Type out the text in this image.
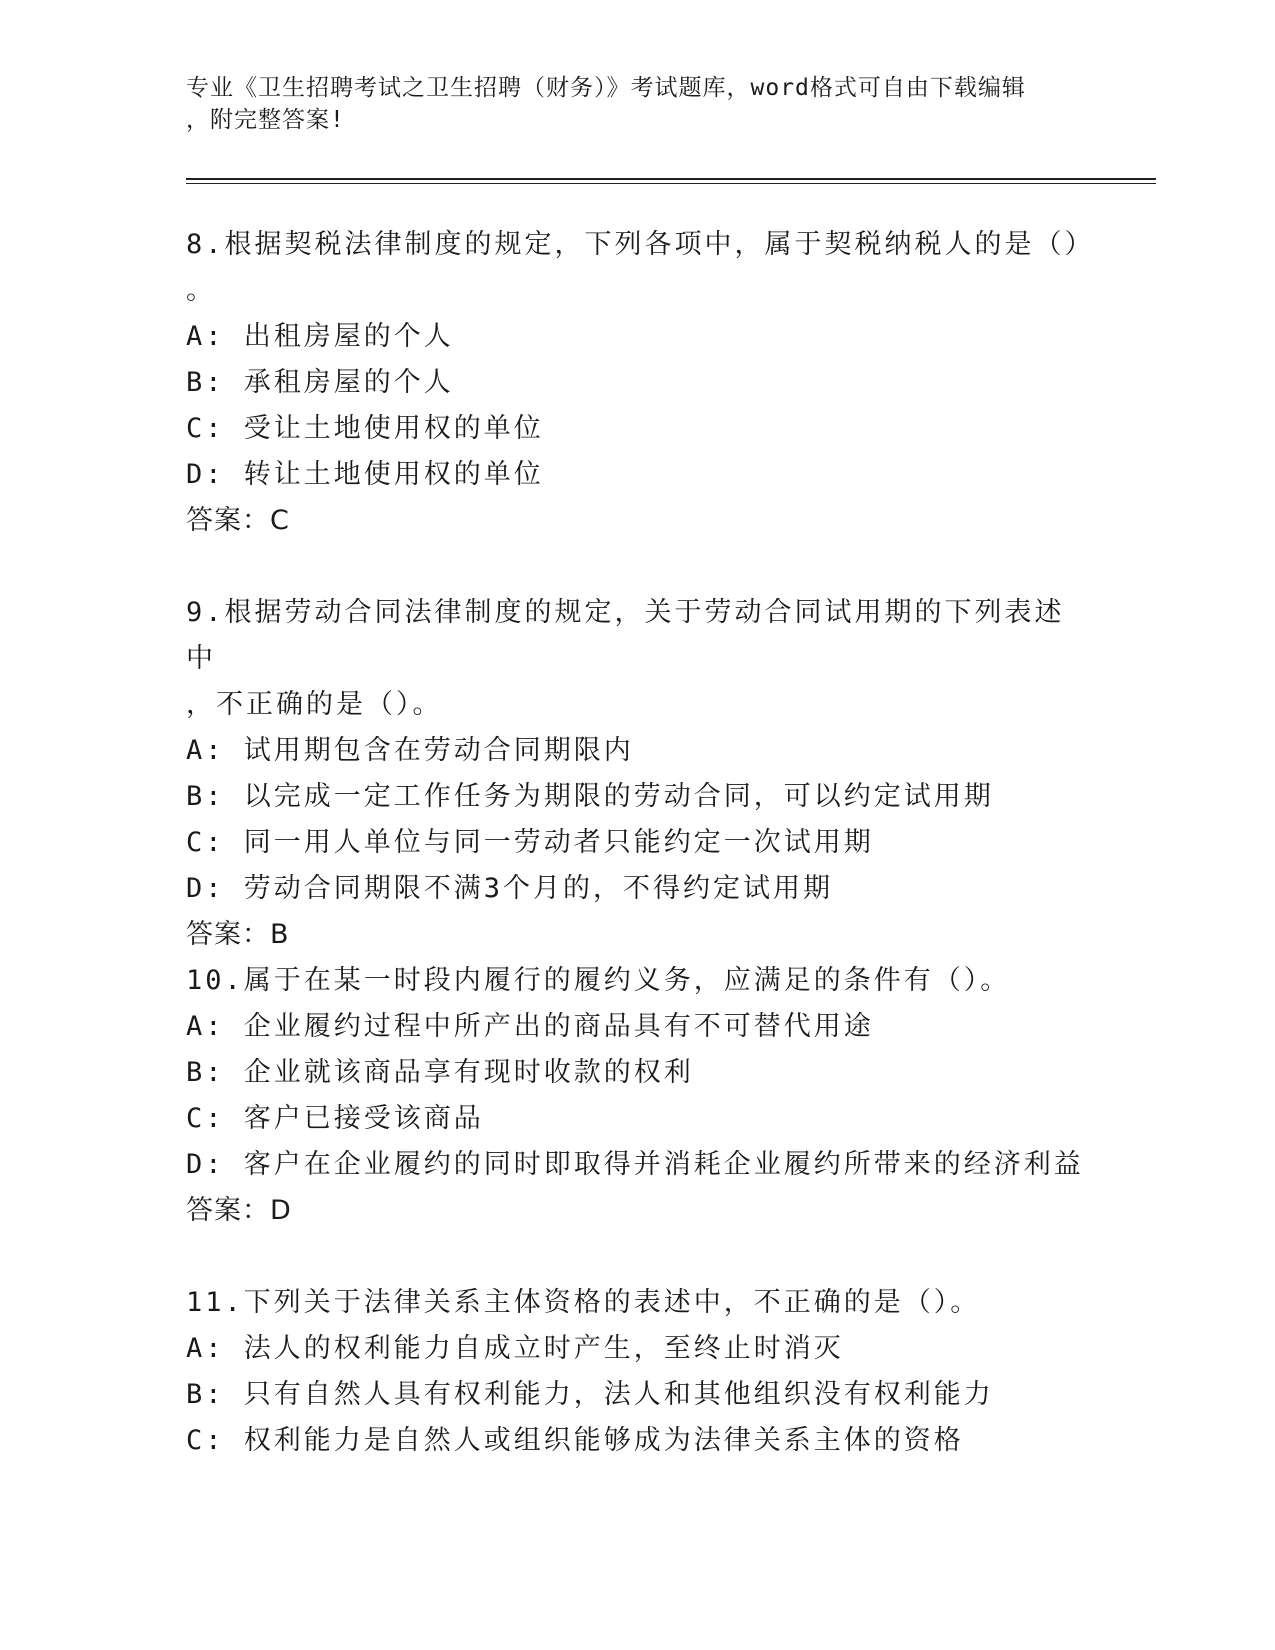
专业《卫生招聘考试之卫生招聘（财务）》考试题库，word格式可自由下载编辑
，附完整答案!

8.根据契税法律制度的规定，下列各项中，属于契税纳税人的是（）

。

A: 出租房屋的个人

B: 承租房屋的个人

C: 受让土地使用权的单位

D: 转让土地使用权的单位

答案：C

9.根据劳动合同法律制度的规定，关于劳动合同试用期的下列表述中

，不正确的是（）。

A: 试用期包含在劳动合同期限内

B: 以完成一定工作任务为期限的劳动合同，可以约定试用期

C: 同一用人单位与同一劳动者只能约定一次试用期

D: 劳动合同期限不满3个月的，不得约定试用期

答案：B

10.属于在某一时段内履行的履约义务，应满足的条件有（）。

A: 企业履约过程中所产出的商品具有不可替代用途

B: 企业就该商品享有现时收款的权利

C: 客户已接受该商品

D: 客户在企业履约的同时即取得并消耗企业履约所带来的经济利益

答案：D

11.下列关于法律关系主体资格的表述中，不正确的是（）。

A: 法人的权利能力自成立时产生，至终止时消灭

B: 只有自然人具有权利能力，法人和其他组织没有权利能力

C: 权利能力是自然人或组织能够成为法律关系主体的资格
